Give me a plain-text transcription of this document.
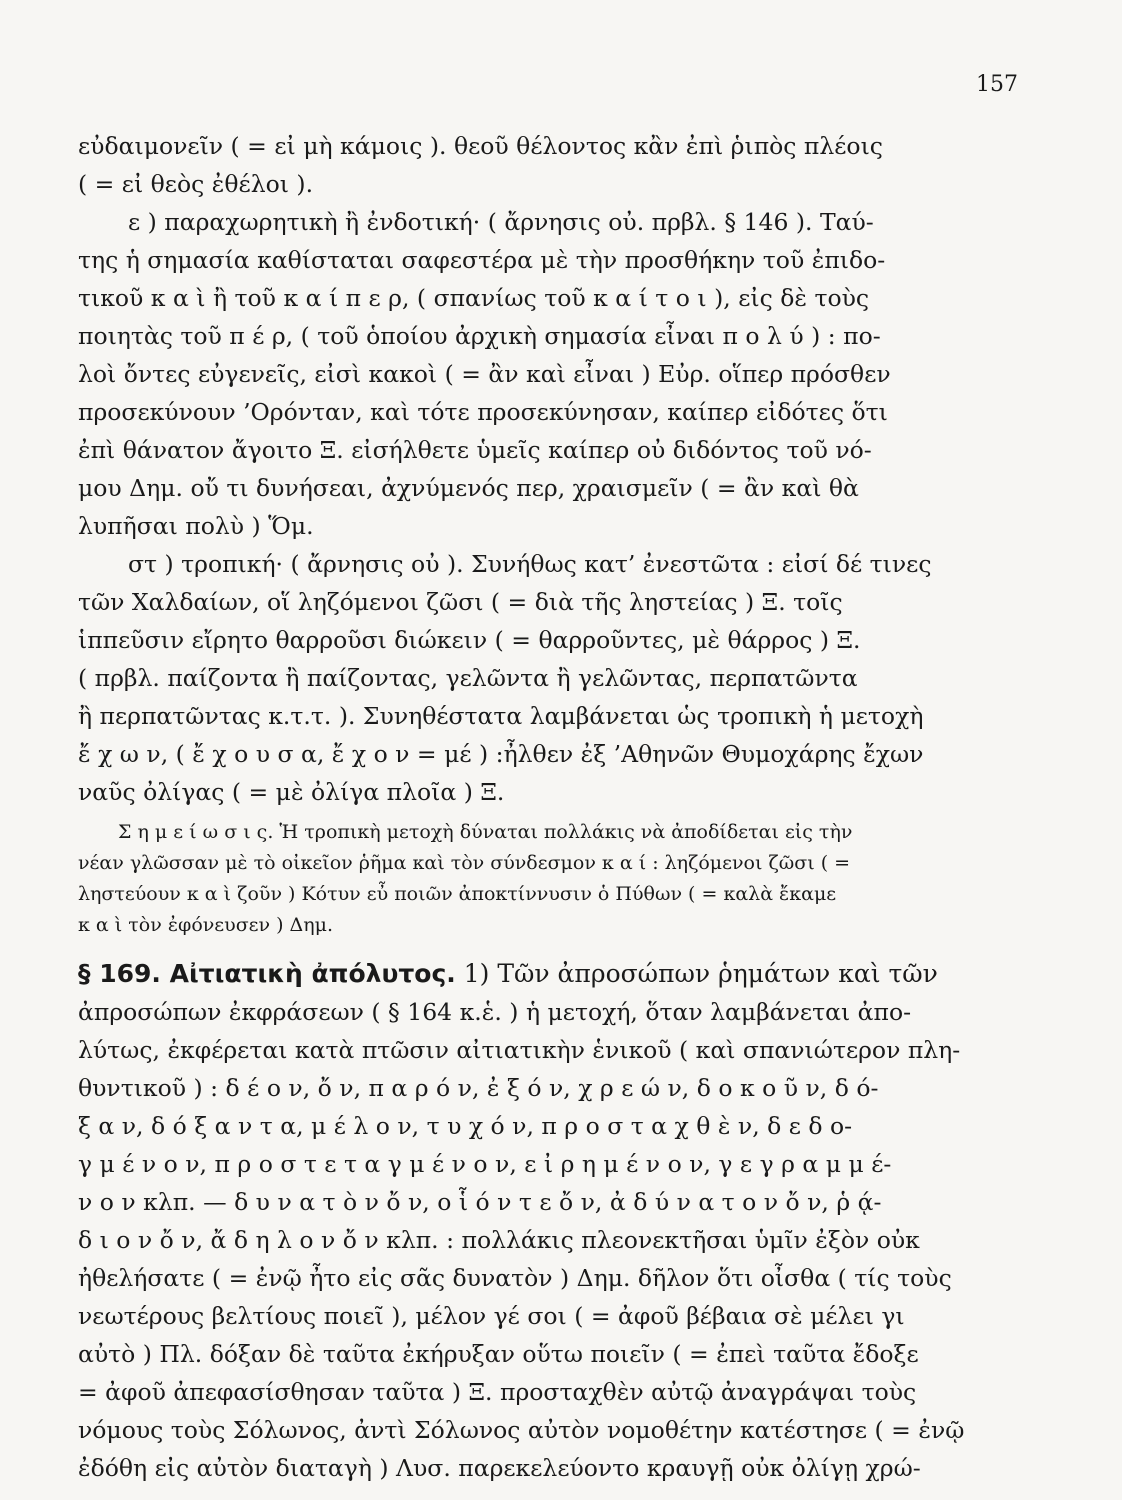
157
εὐδαιμονεῖν ( = εἰ μὴ κάμοις ). θεοῦ θέλοντος κἂν ἐπὶ ῥιπὸς πλέοις
( = εἰ θεὸς ἐθέλοι ).
ε ) παραχωρητικὴ ἢ ἐνδοτική· ( ἄρνησις οὐ. πρβλ. § 146 ). Ταύ-
της ἡ σημασία καθίσταται σαφεστέρα μὲ τὴν προσθήκην τοῦ ἐπιδο-
τικοῦ κ α ὶ ἢ τοῦ κ α ί π ε ρ, ( σπανίως τοῦ κ α ί τ ο ι ), εἰς δὲ τοὺς
ποιητὰς τοῦ π έ ρ, ( τοῦ ὁποίου ἀρχικὴ σημασία εἶναι π ο λ ύ ) : πο-
λοὶ ὄντες εὐγενεῖς, εἰσὶ κακοὶ ( = ἂν καὶ εἶναι ) Εὐρ. οἵπερ πρόσθεν
προσεκύνουν ’Ορόνταν, καὶ τότε προσεκύνησαν, καίπερ εἰδότες ὅτι
ἐπὶ θάνατον ἄγοιτο Ξ. εἰσήλθετε ὑμεῖς καίπερ οὐ διδόντος τοῦ νό-
μου Δημ. οὔ τι δυνήσεαι, ἀχνύμενός περ, χραισμεῖν ( = ἂν καὶ θὰ
λυπῆσαι πολὺ ) Ὅμ.
στ ) τροπική· ( ἄρνησις οὐ ). Συνήθως κατ’ ἐνεστῶτα : εἰσί δέ τινες
τῶν Χαλδαίων, οἵ ληζόμενοι ζῶσι ( = διὰ τῆς ληστείας ) Ξ. τοῖς
ἱππεῦσιν εἴρητο θαρροῦσι διώκειν ( = θαρροῦντες, μὲ θάρρος ) Ξ.
( πρβλ. παίζοντα ἢ παίζοντας, γελῶντα ἢ γελῶντας, περπατῶντα
ἢ περπατῶντας κ.τ.τ. ). Συνηθέστατα λαμβάνεται ὡς τροπικὴ ἡ μετοχὴ
ἔ χ ω ν, ( ἔ χ ο υ σ α, ἔ χ ο ν = μέ ) :ἦλθεν ἐξ ’Αθηνῶν Θυμοχάρης ἔχων
ναῦς ὀλίγας ( = μὲ ὀλίγα πλοῖα ) Ξ.
Σ η μ ε ί ω σ ι ς. Ἡ τροπικὴ μετοχὴ δύναται πολλάκις νὰ ἀποδίδεται εἰς τὴν
νέαν γλῶσσαν μὲ τὸ οἰκεῖον ῥῆμα καὶ τὸν σύνδεσμον κ α ί : ληζόμενοι ζῶσι ( =
ληστεύουν κ α ὶ ζοῦν ) Κότυν εὖ ποιῶν ἀποκτίννυσιν ὁ Πύθων ( = καλὰ ἔκαμε
κ α ὶ τὸν ἐφόνευσεν ) Δημ.
§ 169. Αἰτιατικὴ ἀπόλυτος. 1) Τῶν ἀπροσώπων ῥημάτων καὶ τῶν
ἀπροσώπων ἐκφράσεων ( § 164 κ.ἑ. ) ἡ μετοχή, ὅταν λαμβάνεται ἀπο-
λύτως, ἐκφέρεται κατὰ πτῶσιν αἰτιατικὴν ἑνικοῦ ( καὶ σπανιώτερον πλη-
θυντικοῦ ) : δ έ ο ν, ὄ ν, π α ρ ό ν, ἐ ξ ό ν, χ ρ ε ώ ν, δ ο κ ο ῦ ν, δ ό-
ξ α ν, δ ό ξ α ν τ α, μ έ λ ο ν, τ υ χ ό ν, π ρ ο σ τ α χ θ ὲ ν, δ ε δ ο-
γ μ έ ν ο ν, π ρ ο σ τ ε τ α γ μ έ ν ο ν, ε ἰ ρ η μ έ ν ο ν, γ ε γ ρ α μ μ έ-
ν ο ν κλπ. — δ υ ν α τ ὸ ν ὄ ν, ο ἷ ό ν τ ε ὄ ν, ἀ δ ύ ν α τ ο ν ὄ ν, ῥ ᾴ-
δ ι ο ν ὄ ν, ἄ δ η λ ο ν ὄ ν κλπ. : πολλάκις πλεονεκτῆσαι ὑμῖν ἐξὸν οὐκ
ἠθελήσατε ( = ἐνῷ ἦτο εἰς σᾶς δυνατὸν ) Δημ. δῆλον ὅτι οἶσθα ( τίς τοὺς
νεωτέρους βελτίους ποιεῖ ), μέλον γέ σοι ( = ἀφοῦ βέβαια σὲ μέλει γι
αὐτὸ ) Πλ. δόξαν δὲ ταῦτα ἐκήρυξαν οὕτω ποιεῖν ( = ἐπεὶ ταῦτα ἔδοξε
= ἀφοῦ ἀπεφασίσθησαν ταῦτα ) Ξ. προσταχθὲν αὐτῷ ἀναγράψαι τοὺς
νόμους τοὺς Σόλωνος, ἀντὶ Σόλωνος αὐτὸν νομοθέτην κατέστησε ( = ἐνῷ
ἐδόθη εἰς αὐτὸν διαταγὴ ) Λυσ. παρεκελεύοντο κραυγῇ οὐκ ὀλίγῃ χρώ-
